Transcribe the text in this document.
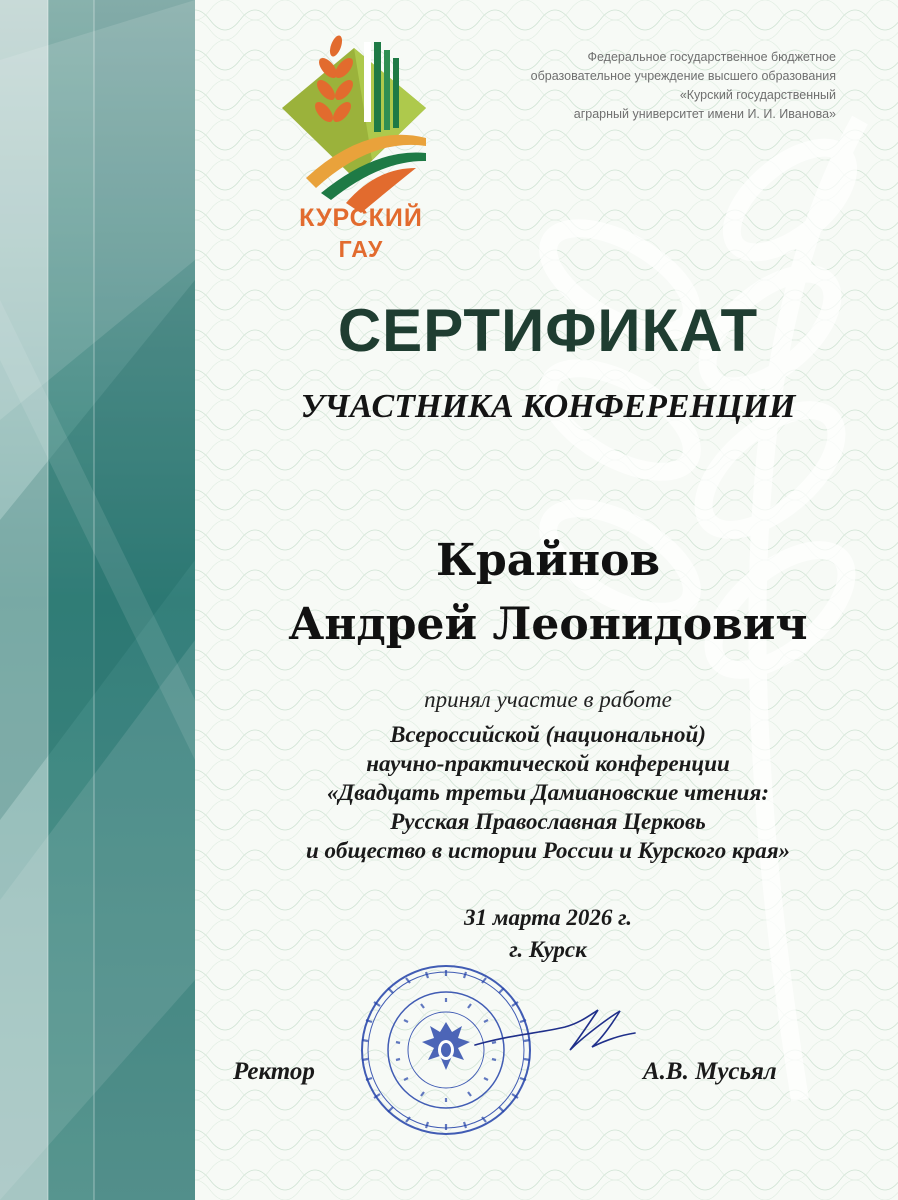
КУРСКИЙ
ГАУ
Федеральное государственное бюджетное
образовательное учреждение высшего образования
«Курский государственный
аграрный университет имени И. И. Иванова»
СЕРТИФИКАТ
УЧАСТНИКА КОНФЕРЕНЦИИ
Крайнов
Андрей Леонидович
принял участие в работе
Всероссийской (национальной)
научно-практической конференции
«Двадцать третьи Дамиановские чтения:
Русская Православная Церковь
и общество в истории России и Курского края»
31 марта 2026 г.
г. Курск
Ректор	А.В. Мусьял
